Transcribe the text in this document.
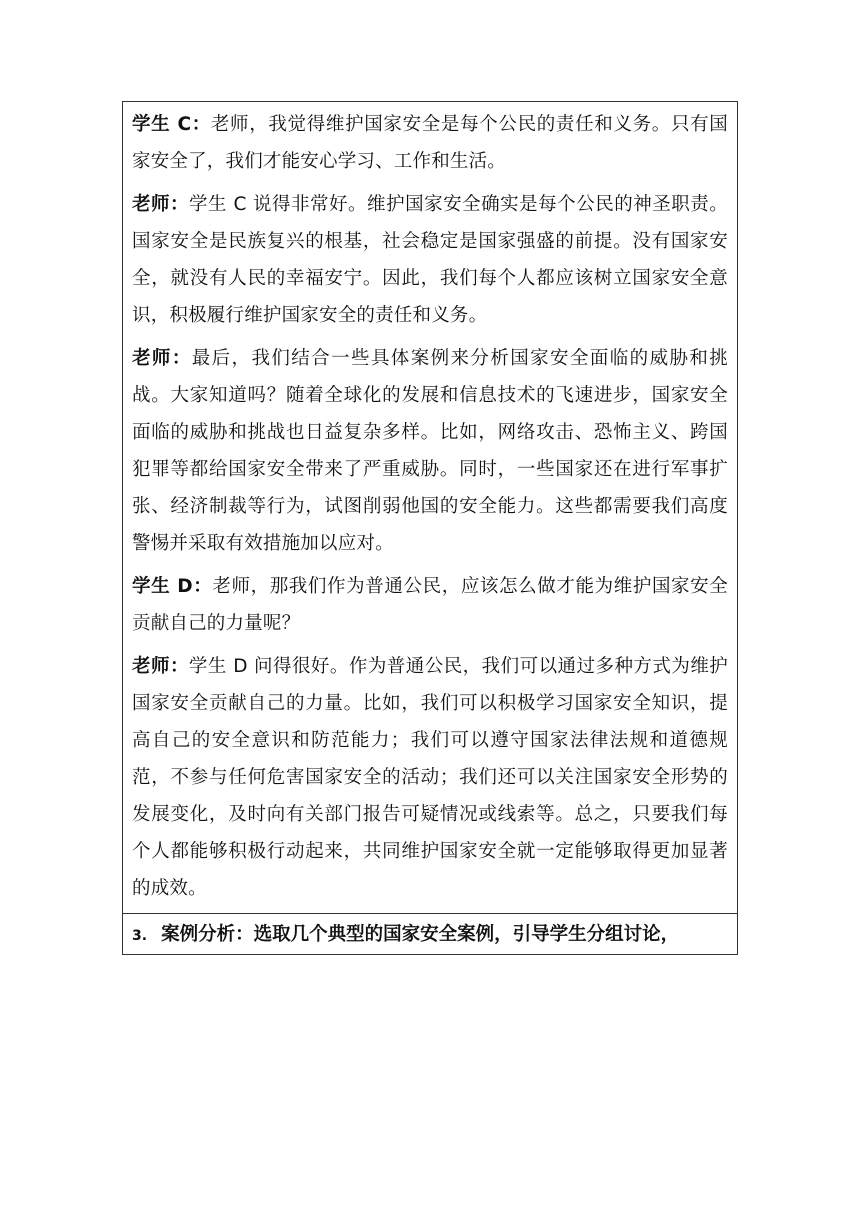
学生 C：老师，我觉得维护国家安全是每个公民的责任和义务。只有国家安全了，我们才能安心学习、工作和生活。

老师：学生 C 说得非常好。维护国家安全确实是每个公民的神圣职责。国家安全是民族复兴的根基，社会稳定是国家强盛的前提。没有国家安全，就没有人民的幸福安宁。因此，我们每个人都应该树立国家安全意识，积极履行维护国家安全的责任和义务。

老师：最后，我们结合一些具体案例来分析国家安全面临的威胁和挑战。大家知道吗？随着全球化的发展和信息技术的飞速进步，国家安全面临的威胁和挑战也日益复杂多样。比如，网络攻击、恐怖主义、跨国犯罪等都给国家安全带来了严重威胁。同时，一些国家还在进行军事扩张、经济制裁等行为，试图削弱他国的安全能力。这些都需要我们高度警惕并采取有效措施加以应对。

学生 D：老师，那我们作为普通公民，应该怎么做才能为维护国家安全贡献自己的力量呢？

老师：学生 D 问得很好。作为普通公民，我们可以通过多种方式为维护国家安全贡献自己的力量。比如，我们可以积极学习国家安全知识，提高自己的安全意识和防范能力；我们可以遵守国家法律法规和道德规范，不参与任何危害国家安全的活动；我们还可以关注国家安全形势的发展变化，及时向有关部门报告可疑情况或线索等。总之，只要我们每个人都能够积极行动起来，共同维护国家安全就一定能够取得更加显著的成效。

3. 案例分析：选取几个典型的国家安全案例，引导学生分组讨论，
